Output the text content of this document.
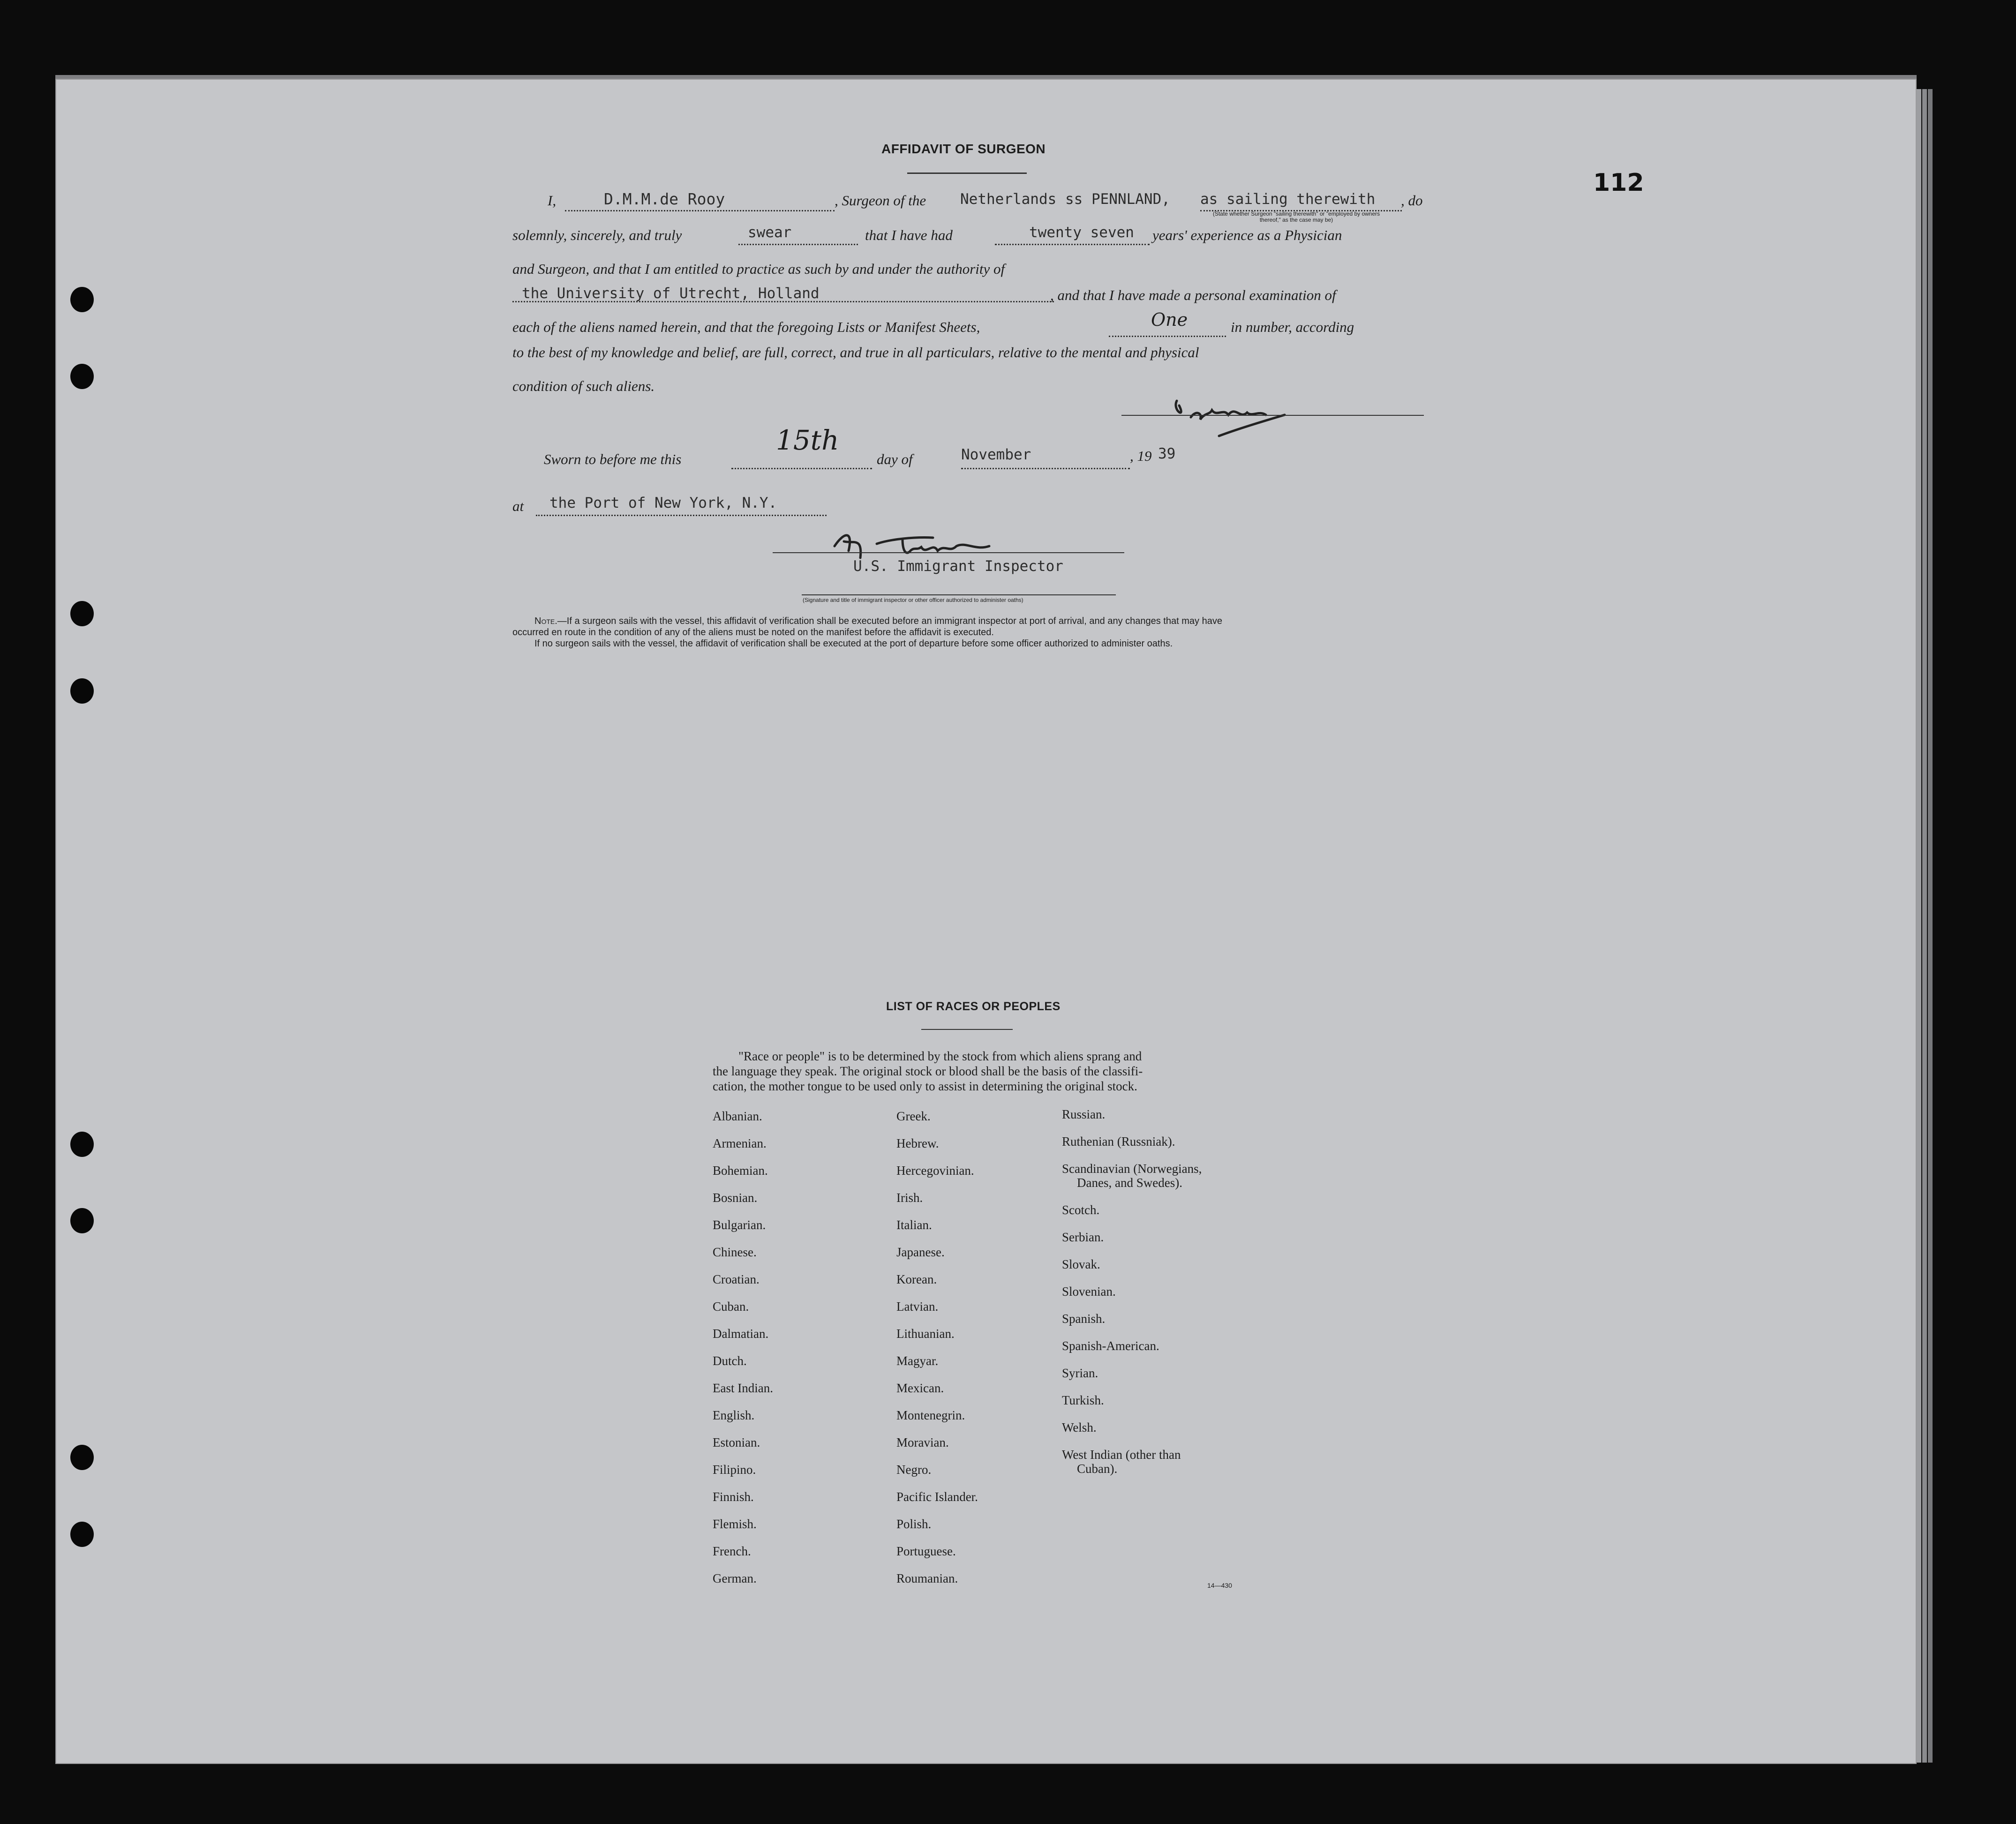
112
AFFIDAVIT OF SURGEON
I,	D.M.M.de Rooy	, Surgeon of the Netherlands ss PENNLAND, as sailing therewith , do
(State whether Surgeon "sailing therewith" or "employed by owners thereof," as the case may be)
solemnly, sincerely, and truly	swear	that I have had	twenty seven years' experience as a Physician
and Surgeon, and that I am entitled to practice as such by and under the authority of
the University of Utrecht, Holland	, and that I have made a personal examination of
each of the aliens named herein, and that the foregoing Lists or Manifest Sheets,	One	in number, according
to the best of my knowledge and belief, are full, correct, and true in all particulars, relative to the mental and physical
condition of such aliens.
Sworn to before me this
15th
day of	November	, 19 39
at the Port of New York, N.Y.
U.S. Immigrant Inspector
(Signature and title of immigrant inspector or other officer authorized to administer oaths)
Note.—If a surgeon sails with the vessel, this affidavit of verification shall be executed before an immigrant inspector at port of arrival, and any changes that may have
occurred en route in the condition of any of the aliens must be noted on the manifest before the affidavit is executed.
If no surgeon sails with the vessel, the affidavit of verification shall be executed at the port of departure before some officer authorized to administer oaths.
LIST OF RACES OR PEOPLES
"Race or people" is to be determined by the stock from which aliens sprang and
the language they speak. The original stock or blood shall be the basis of the classifi-
cation, the mother tongue to be used only to assist in determining the original stock.
Albanian.
Armenian.
Bohemian.
Bosnian.
Bulgarian.
Chinese.
Croatian.
Cuban.
Dalmatian.
Dutch.
East Indian.
English.
Estonian.
Filipino.
Finnish.
Flemish.
French.
German.
Greek.
Hebrew.
Hercegovinian.
Irish.
Italian.
Japanese.
Korean.
Latvian.
Lithuanian.
Magyar.
Mexican.
Montenegrin.
Moravian.
Negro.
Pacific Islander.
Polish.
Portuguese.
Roumanian.
Russian.
Ruthenian (Russniak).
Scandinavian (Norwegians,
Danes, and Swedes).
Scotch.
Serbian.
Slovak.
Slovenian.
Spanish.
Spanish-American.
Syrian.
Turkish.
Welsh.
West Indian (other than
Cuban).
14—430
